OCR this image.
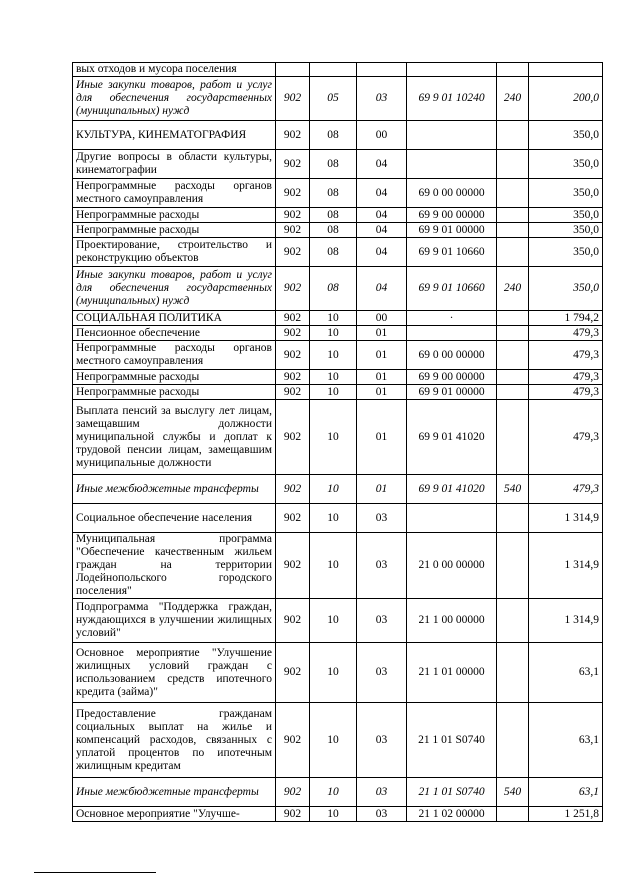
вых отходов и мусора поселения						

Иные закупки товаров, работ и услуг для обеспечения государственных (муниципальных) нужд	902	05	03	69 9 01 10240	240	200,0

КУЛЬТУРА, КИНЕМАТОГРАФИЯ	902	08	00			350,0

Другие вопросы в области культуры, кинематографии	902	08	04			350,0

Непрограммные расходы органов местного самоуправления	902	08	04	69 0 00 00000		350,0

Непрограммные расходы	902	08	04	69 9 00 00000		350,0

Непрограммные расходы	902	08	04	69 9 01 00000		350,0

Проектирование, строительство и реконструкцию объектов	902	08	04	69 9 01 10660		350,0

Иные закупки товаров, работ и услуг для обеспечения государственных (муниципальных) нужд	902	08	04	69 9 01 10660	240	350,0

СОЦИАЛЬНАЯ ПОЛИТИКА	902	10	00	·		1 794,2

Пенсионное обеспечение	902	10	01			479,3

Непрограммные расходы органов местного самоуправления	902	10	01	69 0 00 00000		479,3

Непрограммные расходы	902	10	01	69 9 00 00000		479,3

Непрограммные расходы	902	10	01	69 9 01 00000		479,3

Выплата пенсий за выслугу лет лицам, замещавшим должности муниципальной службы и доплат к трудовой пенсии лицам, замещавшим муниципальные должности	902	10	01	69 9 01 41020		479,3

Иные межбюджетные трансферты	902	10	01	69 9 01 41020	540	479,3

Социальное обеспечение населения	902	10	03			1 314,9

Муниципальная программа "Обеспечение качественным жильем граждан на территории Лодейнопольского городского поселения"	902	10	03	21 0 00 00000		1 314,9

Подпрограмма "Поддержка граждан, нуждающихся в улучшении жилищных условий"	902	10	03	21 1 00 00000		1 314,9

Основное мероприятие "Улучшение жилищных условий граждан с использованием средств ипотечного кредита (займа)"	902	10	03	21 1 01 00000		63,1

Предоставление гражданам социальных выплат на жилье и компенсаций расходов, связанных с уплатой процентов по ипотечным жилищным кредитам	902	10	03	21 1 01 S0740		63,1

Иные межбюджетные трансферты	902	10	03	21 1 01 S0740	540	63,1

Основное мероприятие "Улучше-	902	10	03	21 1 02 00000		1 251,8
